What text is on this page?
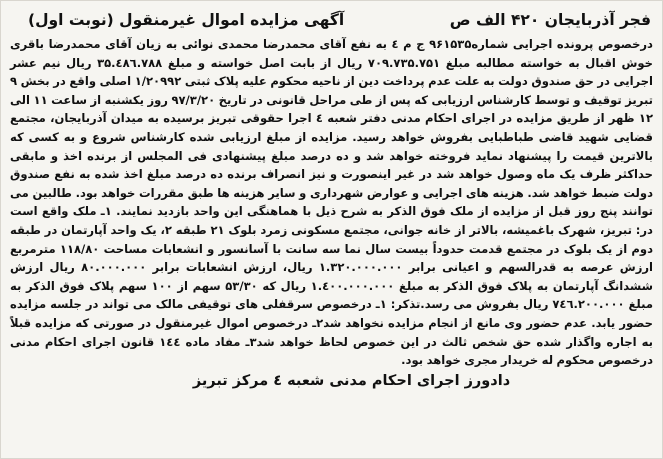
فجر آذربایجان ۴۲۰ الف ص
آگهی مزایده اموال غیرمنقول (نوبت اول)
درخصوص پرونده اجرایی شماره۹۶۱۵۳۵ ج م ٤ به نفع آقای محمدرضا محمدی نوائی به زیان آقای محمدرضا باقری خوش اقبال به خواسته مطالبه مبلغ ۷۰۹.۷۳۵.۷۵۱ ریال از بابت اصل خواسته و مبلغ ۳۵.٤۸٦.۷۸۸ ریال نیم عشر اجرایی در حق صندوق دولت به علت عدم پرداخت دین از ناحیه محکوم علیه پلاک ثبتی ۱/۲۰۹۹۲ اصلی واقع در بخش ۹ تبریز توقیف و توسط کارشناس ارزیابی که پس از طی مراحل قانونی در تاریخ ۹۷/۳/۲۰ روز یکشنبه از ساعت ۱۱ الی ۱۲ ظهر از طریق مزایده در اجرای احکام مدنی دفتر شعبه ٤ اجرا حقوقی تبریز برسیده به میدان آذربایجان، مجتمع قضایی شهید قاضی طباطبایی بفروش خواهد رسید. مزایده از مبلغ ارزیابی شده کارشناس شروع و به کسی که بالاترین قیمت را پیشنهاد نماید فروخته خواهد شد و ده درصد مبلغ پیشنهادی فی المجلس از برنده اخذ و مابقی حداکثر ظرف یک ماه وصول خواهد شد در غیر اینصورت و نیز انصراف برنده ده درصد مبلغ اخذ شده به نفع صندوق دولت ضبط خواهد شد. هزینه های اجرایی و عوارض شهرداری و سایر هزینه ها طبق مقررات خواهد بود. طالبین می توانند پنج روز قبل از مزایده از ملک فوق الذکر به شرح ذیل با هماهنگی این واحد بازدید نمایند. ۱ـ ملک واقع است در: تبریز، شهرک باغمیشه، بالاتر از خانه جوانی، مجتمع مسکونی زمرد بلوک ۲۱ طبقه ۲، یک واحد آپارتمان در طبقه دوم از یک بلوک در مجتمع قدمت حدوداً بیست سال نما سه سانت با آسانسور و انشعابات مساحت ۱۱۸/۸۰ مترمربع ارزش عرصه به قدرالسهم و اعیانی برابر ۱.۳۲۰.۰۰۰.۰۰۰ ریال، ارزش انشعابات برابر ۸۰.۰۰۰.۰۰۰ ریال ارزش ششدانگ آپارتمان به پلاک فوق الذکر به مبلغ ۱.٤۰۰.۰۰۰.۰۰۰ ریال که ۵۳/۳۰ سهم از ۱۰۰ سهم پلاک فوق الذکر به مبلغ ۷٤٦.۲۰۰.۰۰۰ ریال بفروش می رسد.تذکر: ۱ـ درخصوص سرقفلی های توقیفی مالک می تواند در جلسه مزایده حضور یابد. عدم حضور وی مانع از انجام مزایده نخواهد شد۲ـ درخصوص اموال غیرمنقول در صورتی که مزایده قبلاً به اجاره واگذار شده حق شخص ثالث در این خصوص لحاظ خواهد شد۳ـ مفاد ماده ۱٤٤ قانون اجرای احکام مدنی درخصوص محکوم له خریدار مجری خواهد بود.
دادورز اجرای احکام مدنی شعبه ٤ مرکز تبریز
